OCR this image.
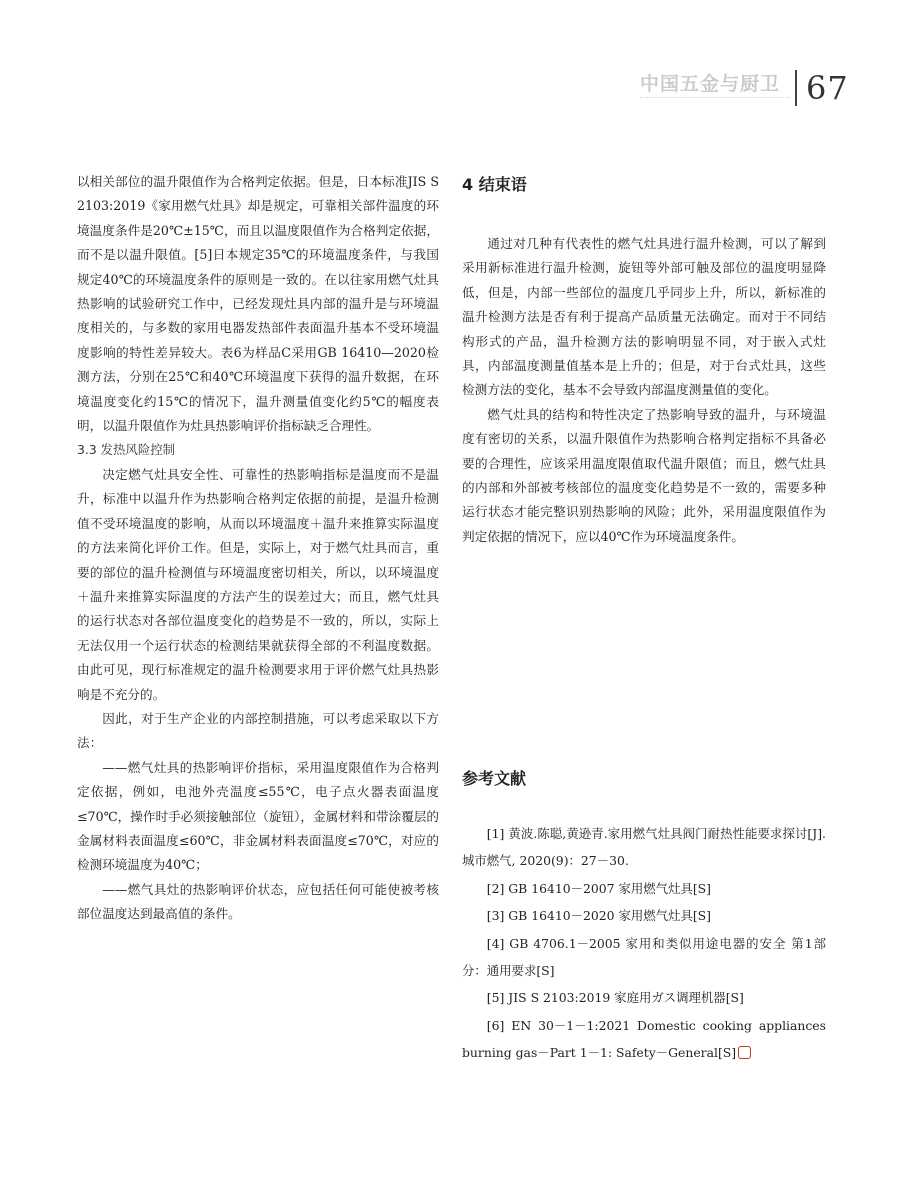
中国五金与厨卫 67

以相关部位的温升限值作为合格判定依据。但是，日本标准JIS S 2103:2019《家用燃气灶具》却是规定，可靠相关部件温度的环境温度条件是20℃±15℃，而且以温度限值作为合格判定依据，而不是以温升限值。[5]日本规定35℃的环境温度条件，与我国规定40℃的环境温度条件的原则是一致的。在以往家用燃气灶具热影响的试验研究工作中，已经发现灶具内部的温升是与环境温度相关的，与多数的家用电器发热部件表面温升基本不受环境温度影响的特性差异较大。表6为样品C采用GB 16410—2020检测方法，分别在25℃和40℃环境温度下获得的温升数据，在环境温度变化约15℃的情况下，温升测量值变化约5℃的幅度表明，以温升限值作为灶具热影响评价指标缺乏合理性。

3.3 发热风险控制

决定燃气灶具安全性、可靠性的热影响指标是温度而不是温升，标准中以温升作为热影响合格判定依据的前提，是温升检测值不受环境温度的影响，从而以环境温度＋温升来推算实际温度的方法来简化评价工作。但是，实际上，对于燃气灶具而言，重要的部位的温升检测值与环境温度密切相关，所以，以环境温度＋温升来推算实际温度的方法产生的误差过大；而且，燃气灶具的运行状态对各部位温度变化的趋势是不一致的，所以，实际上无法仅用一个运行状态的检测结果就获得全部的不利温度数据。由此可见，现行标准规定的温升检测要求用于评价燃气灶具热影响是不充分的。

因此，对于生产企业的内部控制措施，可以考虑采取以下方法：

——燃气灶具的热影响评价指标，采用温度限值作为合格判定依据，例如，电池外壳温度≤55℃，电子点火器表面温度≤70℃，操作时手必须接触部位（旋钮），金属材料和带涂覆层的金属材料表面温度≤60℃，非金属材料表面温度≤70℃，对应的检测环境温度为40℃；

——燃气具灶的热影响评价状态，应包括任何可能使被考核部位温度达到最高值的条件。

4 结束语

通过对几种有代表性的燃气灶具进行温升检测，可以了解到采用新标准进行温升检测，旋钮等外部可触及部位的温度明显降低，但是，内部一些部位的温度几乎同步上升，所以，新标准的温升检测方法是否有利于提高产品质量无法确定。而对于不同结构形式的产品，温升检测方法的影响明显不同，对于嵌入式灶具，内部温度测量值基本是上升的；但是，对于台式灶具，这些检测方法的变化，基本不会导致内部温度测量值的变化。

燃气灶具的结构和特性决定了热影响导致的温升，与环境温度有密切的关系，以温升限值作为热影响合格判定指标不具备必要的合理性，应该采用温度限值取代温升限值；而且，燃气灶具的内部和外部被考核部位的温度变化趋势是不一致的，需要多种运行状态才能完整识别热影响的风险；此外，采用温度限值作为判定依据的情况下，应以40℃作为环境温度条件。

参考文献

[1] 黄波.陈聪,黄逊青.家用燃气灶具阀门耐热性能要求探讨[J]. 城市燃气, 2020(9)：27－30.

[2] GB 16410－2007 家用燃气灶具[S]

[3] GB 16410－2020 家用燃气灶具[S]

[4] GB 4706.1－2005 家用和类似用途电器的安全 第1部分：通用要求[S]

[5] JIS S 2103:2019 家庭用ガス调理机器[S]

[6] EN 30－1－1:2021 Domestic cooking appliances burning gas－Part 1－1: Safety－General[S]
